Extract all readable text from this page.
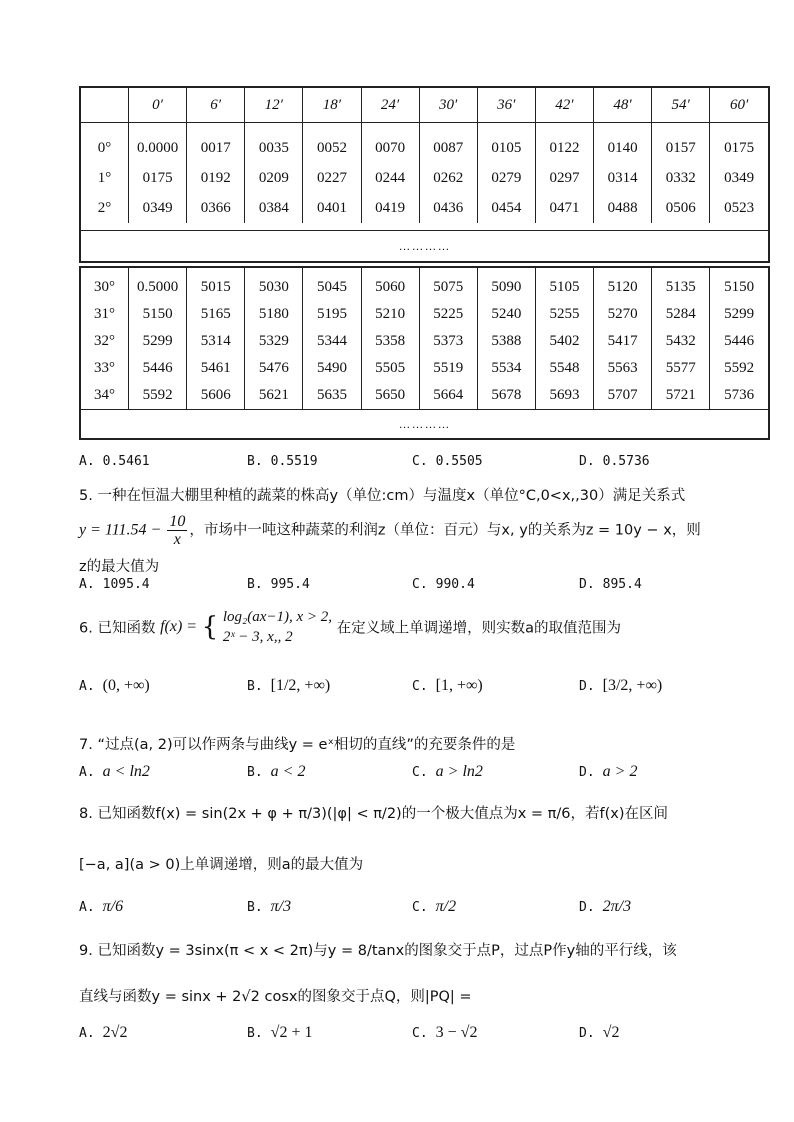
	0′	6′	12′	18′	24′	30′	36′	42′	48′	54′	60′
0°	0.0000	0017	0035	0052	0070	0087	0105	0122	0140	0157	0175
1°	0175	0192	0209	0227	0244	0262	0279	0297	0314	0332	0349
2°	0349	0366	0384	0401	0419	0436	0454	0471	0488	0506	0523
…………
30°	0.5000	5015	5030	5045	5060	5075	5090	5105	5120	5135	5150
31°	5150	5165	5180	5195	5210	5225	5240	5255	5270	5284	5299
32°	5299	5314	5329	5344	5358	5373	5388	5402	5417	5432	5446
33°	5446	5461	5476	5490	5505	5519	5534	5548	5563	5577	5592
34°	5592	5606	5621	5635	5650	5664	5678	5693	5707	5721	5736
…………
A. 0.5461	B. 0.5519	C. 0.5505	D. 0.5736
5. 一种在恒温大棚里种植的蔬菜的株高y（单位:cm）与温度x（单位°C,0<x,,30）满足关系式
$y = 111.54 - \frac{10}{x}$ ，市场中一吨这种蔬菜的利润z（单位：百元）与x, y的关系为z = 10y − x，则
z的最大值为
A. 1095.4	B. 995.4	C. 990.4	D. 895.4
6. 已知函数 f(x) = { log₂(ax−1), x > 2,
2ˣ − 3, x,, 2
在定义域上单调递增，则实数a的取值范围为
A. (0, +∞)	B. [1/2, +∞)	C. [1, +∞)	D. [3/2, +∞)
7. “过点(a, 2)可以作两条与曲线y = eˣ相切的直线”的充要条件的是
A. a < ln2	B. a < 2	C. a > ln2	D. a > 2
8. 已知函数f(x) = sin(2x + φ + π/3)(|φ| < π/2)的一个极大值点为x = π/6，若f(x)在区间
[−a, a](a > 0)上单调递增，则a的最大值为
A. π/6	B. π/3	C. π/2	D. 2π/3
9. 已知函数y = 3sinx(π < x < 2π)与y = 8/tanx的图象交于点P，过点P作y轴的平行线，该
直线与函数y = sinx + 2√2 cosx的图象交于点Q，则|PQ| =
A. 2√2	B. √2 + 1	C. 3 − √2	D. √2
